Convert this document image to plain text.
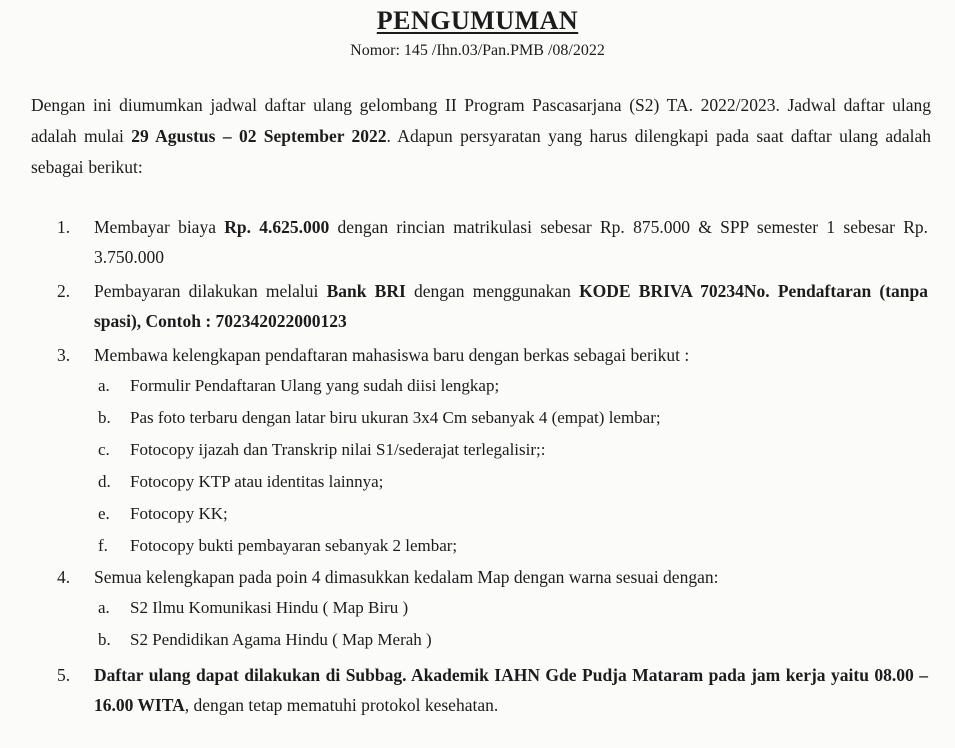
PENGUMUMAN
Nomor: 145 /Ihn.03/Pan.PMB /08/2022
Dengan ini diumumkan jadwal daftar ulang gelombang II Program Pascasarjana (S2) TA. 2022/2023. Jadwal daftar ulang adalah mulai 29 Agustus – 02 September 2022. Adapun persyaratan yang harus dilengkapi pada saat daftar ulang adalah sebagai berikut:
1. Membayar biaya Rp. 4.625.000 dengan rincian matrikulasi sebesar Rp. 875.000 & SPP semester 1 sebesar Rp. 3.750.000
2. Pembayaran dilakukan melalui Bank BRI dengan menggunakan KODE BRIVA 70234No. Pendaftaran (tanpa spasi), Contoh : 702342022000123
3. Membawa kelengkapan pendaftaran mahasiswa baru dengan berkas sebagai berikut :
a. Formulir Pendaftaran Ulang yang sudah diisi lengkap;
b. Pas foto terbaru dengan latar biru ukuran 3x4 Cm sebanyak 4 (empat) lembar;
c. Fotocopy ijazah dan Transkrip nilai S1/sederajat terlegalisir;:
d. Fotocopy KTP atau identitas lainnya;
e. Fotocopy KK;
f. Fotocopy bukti pembayaran sebanyak 2 lembar;
4. Semua kelengkapan pada poin 4 dimasukkan kedalam Map dengan warna sesuai dengan:
a. S2 Ilmu Komunikasi Hindu ( Map Biru )
b. S2 Pendidikan Agama Hindu ( Map Merah )
5. Daftar ulang dapat dilakukan di Subbag. Akademik IAHN Gde Pudja Mataram pada jam kerja yaitu 08.00 – 16.00 WITA, dengan tetap mematuhi protokol kesehatan.
